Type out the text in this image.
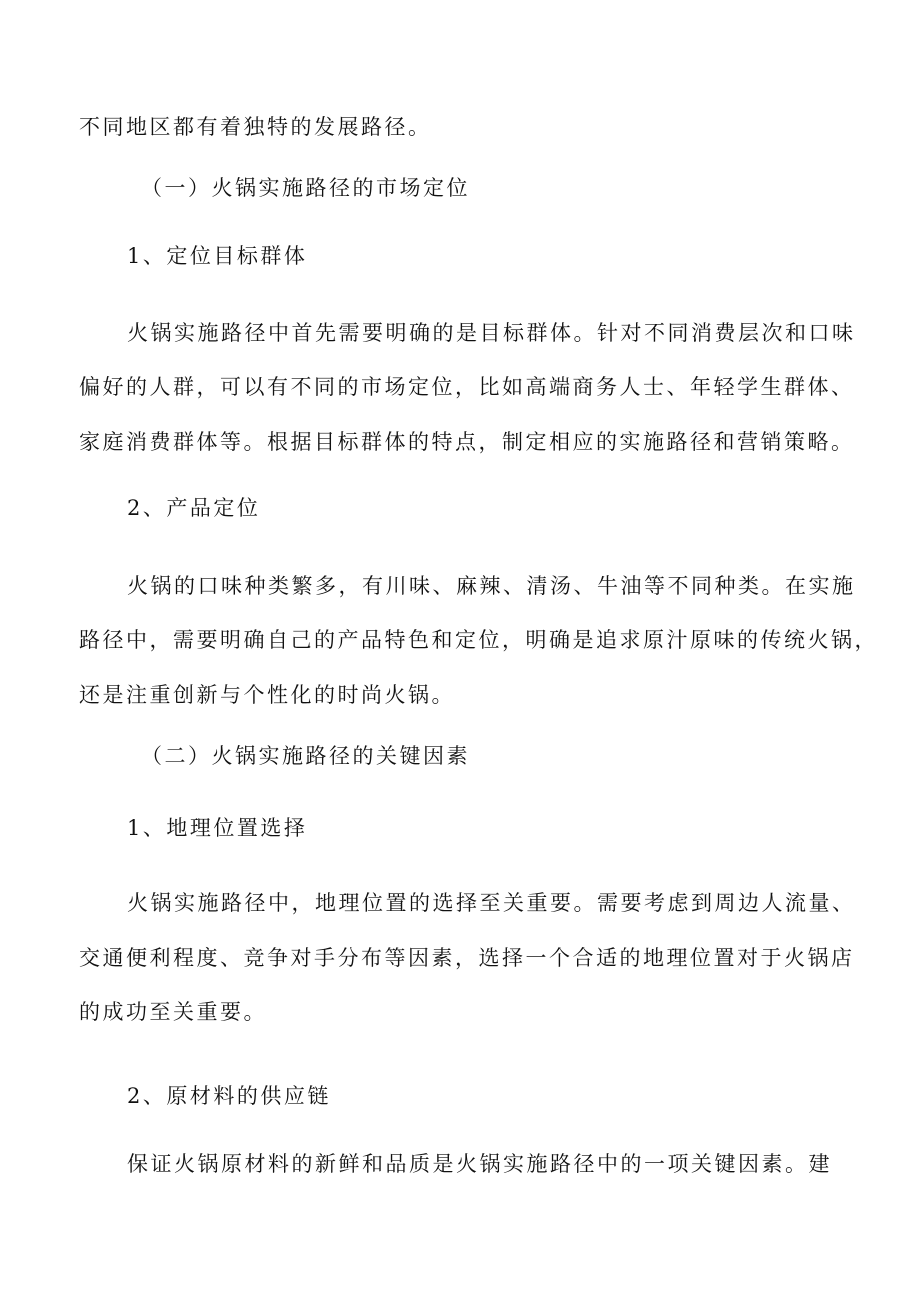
不同地区都有着独特的发展路径。
（一）火锅实施路径的市场定位
1、定位目标群体
火锅实施路径中首先需要明确的是目标群体。针对不同消费层次和口味
偏好的人群，可以有不同的市场定位，比如高端商务人士、年轻学生群体、
家庭消费群体等。根据目标群体的特点，制定相应的实施路径和营销策略。
2、产品定位
火锅的口味种类繁多，有川味、麻辣、清汤、牛油等不同种类。在实施
路径中，需要明确自己的产品特色和定位，明确是追求原汁原味的传统火锅，
还是注重创新与个性化的时尚火锅。
（二）火锅实施路径的关键因素
1、地理位置选择
火锅实施路径中，地理位置的选择至关重要。需要考虑到周边人流量、
交通便利程度、竞争对手分布等因素，选择一个合适的地理位置对于火锅店
的成功至关重要。
2、原材料的供应链
保证火锅原材料的新鲜和品质是火锅实施路径中的一项关键因素。建
